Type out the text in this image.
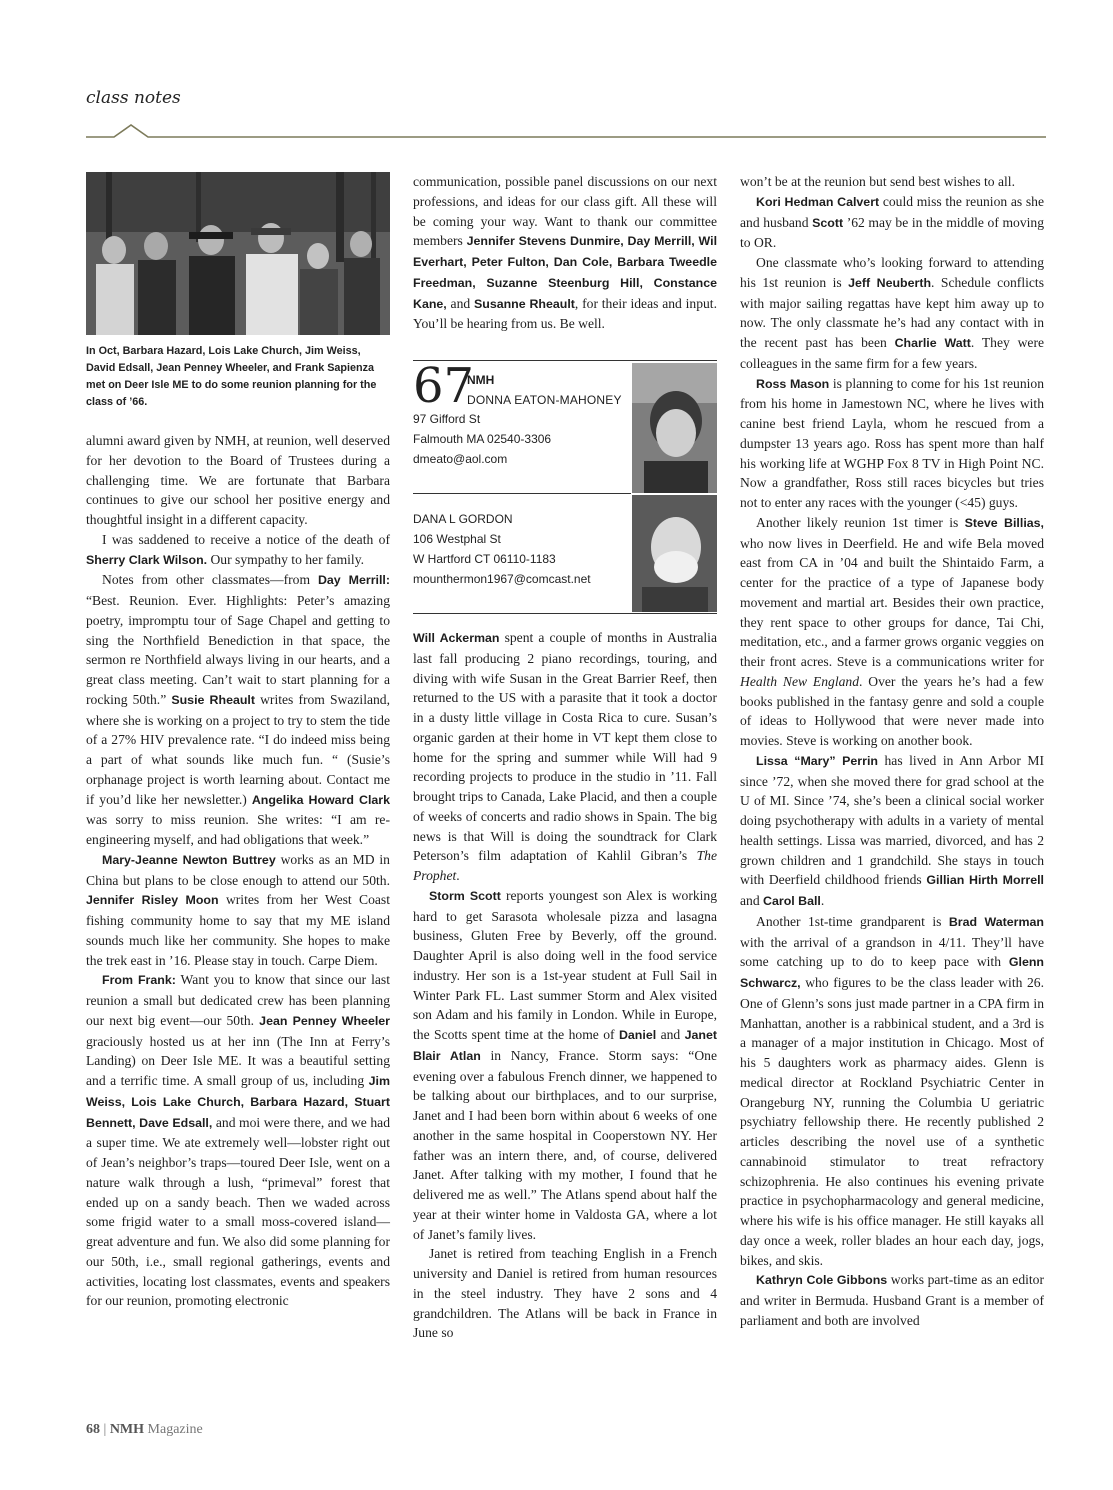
class notes
In Oct, Barbara Hazard, Lois Lake Church, Jim Weiss, David Edsall, Jean Penney Wheeler, and Frank Sapienza met on Deer Isle ME to do some reunion planning for the class of ’66.

alumni award given by NMH, at reunion, well deserved for her devotion to the Board of Trustees during a challenging time. We are fortunate that Barbara continues to give our school her positive energy and thoughtful insight in a different capacity.

I was saddened to receive a notice of the death of Sherry Clark Wilson. Our sympathy to her family.

Notes from other classmates—from Day Merrill: “Best. Reunion. Ever. Highlights: Peter’s amazing poetry, impromptu tour of Sage Chapel and getting to sing the Northfield Benediction in that space, the sermon re Northfield always living in our hearts, and a great class meeting. Can’t wait to start planning for a rocking 50th.” Susie Rheault writes from Swaziland, where she is working on a project to try to stem the tide of a 27% HIV prevalence rate. “I do indeed miss being a part of what sounds like much fun. “ (Susie’s orphanage project is worth learning about. Contact me if you’d like her newsletter.) Angelika Howard Clark was sorry to miss reunion. She writes: “I am re-engineering myself, and had obligations that week.”

Mary-Jeanne Newton Buttrey works as an MD in China but plans to be close enough to attend our 50th. Jennifer Risley Moon writes from her West Coast fishing community home to say that my ME island sounds much like her community. She hopes to make the trek east in ’16. Please stay in touch. Carpe Diem.

From Frank: Want you to know that since our last reunion a small but dedicated crew has been planning our next big event—our 50th. Jean Penney Wheeler graciously hosted us at her inn (The Inn at Ferry’s Landing) on Deer Isle ME. It was a beautiful setting and a terrific time. A small group of us, including Jim Weiss, Lois Lake Church, Barbara Hazard, Stuart Bennett, Dave Edsall, and moi were there, and we had a super time. We ate extremely well—lobster right out of Jean’s neighbor’s traps—toured Deer Isle, went on a nature walk through a lush, “primeval” forest that ended up on a sandy beach. Then we waded across some frigid water to a small moss-covered island—great adventure and fun. We also did some planning for our 50th, i.e., small regional gatherings, events and activities, locating lost classmates, events and speakers for our reunion, promoting electronic

communication, possible panel discussions on our next professions, and ideas for our class gift. All these will be coming your way. Want to thank our committee members Jennifer Stevens Dunmire, Day Merrill, Wil Everhart, Peter Fulton, Dan Cole, Barbara Tweedle Freedman, Suzanne Steenburg Hill, Constance Kane, and Susanne Rheault, for their ideas and input. You’ll be hearing from us. Be well.

67
NMH
DONNA EATON-MAHONEY
97 Gifford St
Falmouth MA 02540-3306
dmeato@aol.com
DANA L GORDON
106 Westphal St
W Hartford CT 06110-1183
mounthermon1967@comcast.net

Will Ackerman spent a couple of months in Australia last fall producing 2 piano recordings, touring, and diving with wife Susan in the Great Barrier Reef, then returned to the US with a parasite that it took a doctor in a dusty little village in Costa Rica to cure. Susan’s organic garden at their home in VT kept them close to home for the spring and summer while Will had 9 recording projects to produce in the studio in ’11. Fall brought trips to Canada, Lake Placid, and then a couple of weeks of concerts and radio shows in Spain. The big news is that Will is doing the soundtrack for Clark Peterson’s film adaptation of Kahlil Gibran’s The Prophet.

Storm Scott reports youngest son Alex is working hard to get Sarasota wholesale pizza and lasagna business, Gluten Free by Beverly, off the ground. Daughter April is also doing well in the food service industry. Her son is a 1st-year student at Full Sail in Winter Park FL. Last summer Storm and Alex visited son Adam and his family in London. While in Europe, the Scotts spent time at the home of Daniel and Janet Blair Atlan in Nancy, France. Storm says: “One evening over a fabulous French dinner, we happened to be talking about our birthplaces, and to our surprise, Janet and I had been born within about 6 weeks of one another in the same hospital in Cooperstown NY. Her father was an intern there, and, of course, delivered Janet. After talking with my mother, I found that he delivered me as well.” The Atlans spend about half the year at their winter home in Valdosta GA, where a lot of Janet’s family lives.

Janet is retired from teaching English in a French university and Daniel is retired from human resources in the steel industry. They have 2 sons and 4 grandchildren. The Atlans will be back in France in June so

won’t be at the reunion but send best wishes to all.

Kori Hedman Calvert could miss the reunion as she and husband Scott ’62 may be in the middle of moving to OR.

One classmate who’s looking forward to attending his 1st reunion is Jeff Neuberth. Schedule conflicts with major sailing regattas have kept him away up to now. The only classmate he’s had any contact with in the recent past has been Charlie Watt. They were colleagues in the same firm for a few years.

Ross Mason is planning to come for his 1st reunion from his home in Jamestown NC, where he lives with canine best friend Layla, whom he rescued from a dumpster 13 years ago. Ross has spent more than half his working life at WGHP Fox 8 TV in High Point NC. Now a grandfather, Ross still races bicycles but tries not to enter any races with the younger (<45) guys.

Another likely reunion 1st timer is Steve Billias, who now lives in Deerfield. He and wife Bela moved east from CA in ’04 and built the Shintaido Farm, a center for the practice of a type of Japanese body movement and martial art. Besides their own practice, they rent space to other groups for dance, Tai Chi, meditation, etc., and a farmer grows organic veggies on their front acres. Steve is a communications writer for Health New England. Over the years he’s had a few books published in the fantasy genre and sold a couple of ideas to Hollywood that were never made into movies. Steve is working on another book.

Lissa “Mary” Perrin has lived in Ann Arbor MI since ’72, when she moved there for grad school at the U of MI. Since ’74, she’s been a clinical social worker doing psychotherapy with adults in a variety of mental health settings. Lissa was married, divorced, and has 2 grown children and 1 grandchild. She stays in touch with Deerfield childhood friends Gillian Hirth Morrell and Carol Ball.

Another 1st-time grandparent is Brad Waterman with the arrival of a grandson in 4/11. They’ll have some catching up to do to keep pace with Glenn Schwarcz, who figures to be the class leader with 26. One of Glenn’s sons just made partner in a CPA firm in Manhattan, another is a rabbinical student, and a 3rd is a manager of a major institution in Chicago. Most of his 5 daughters work as pharmacy aides. Glenn is medical director at Rockland Psychiatric Center in Orangeburg NY, running the Columbia U geriatric psychiatry fellowship there. He recently published 2 articles describing the novel use of a synthetic cannabinoid stimulator to treat refractory schizophrenia. He also continues his evening private practice in psychopharmacology and general medicine, where his wife is his office manager. He still kayaks all day once a week, roller blades an hour each day, jogs, bikes, and skis.

Kathryn Cole Gibbons works part-time as an editor and writer in Bermuda. Husband Grant is a member of parliament and both are involved

68 | NMH Magazine
